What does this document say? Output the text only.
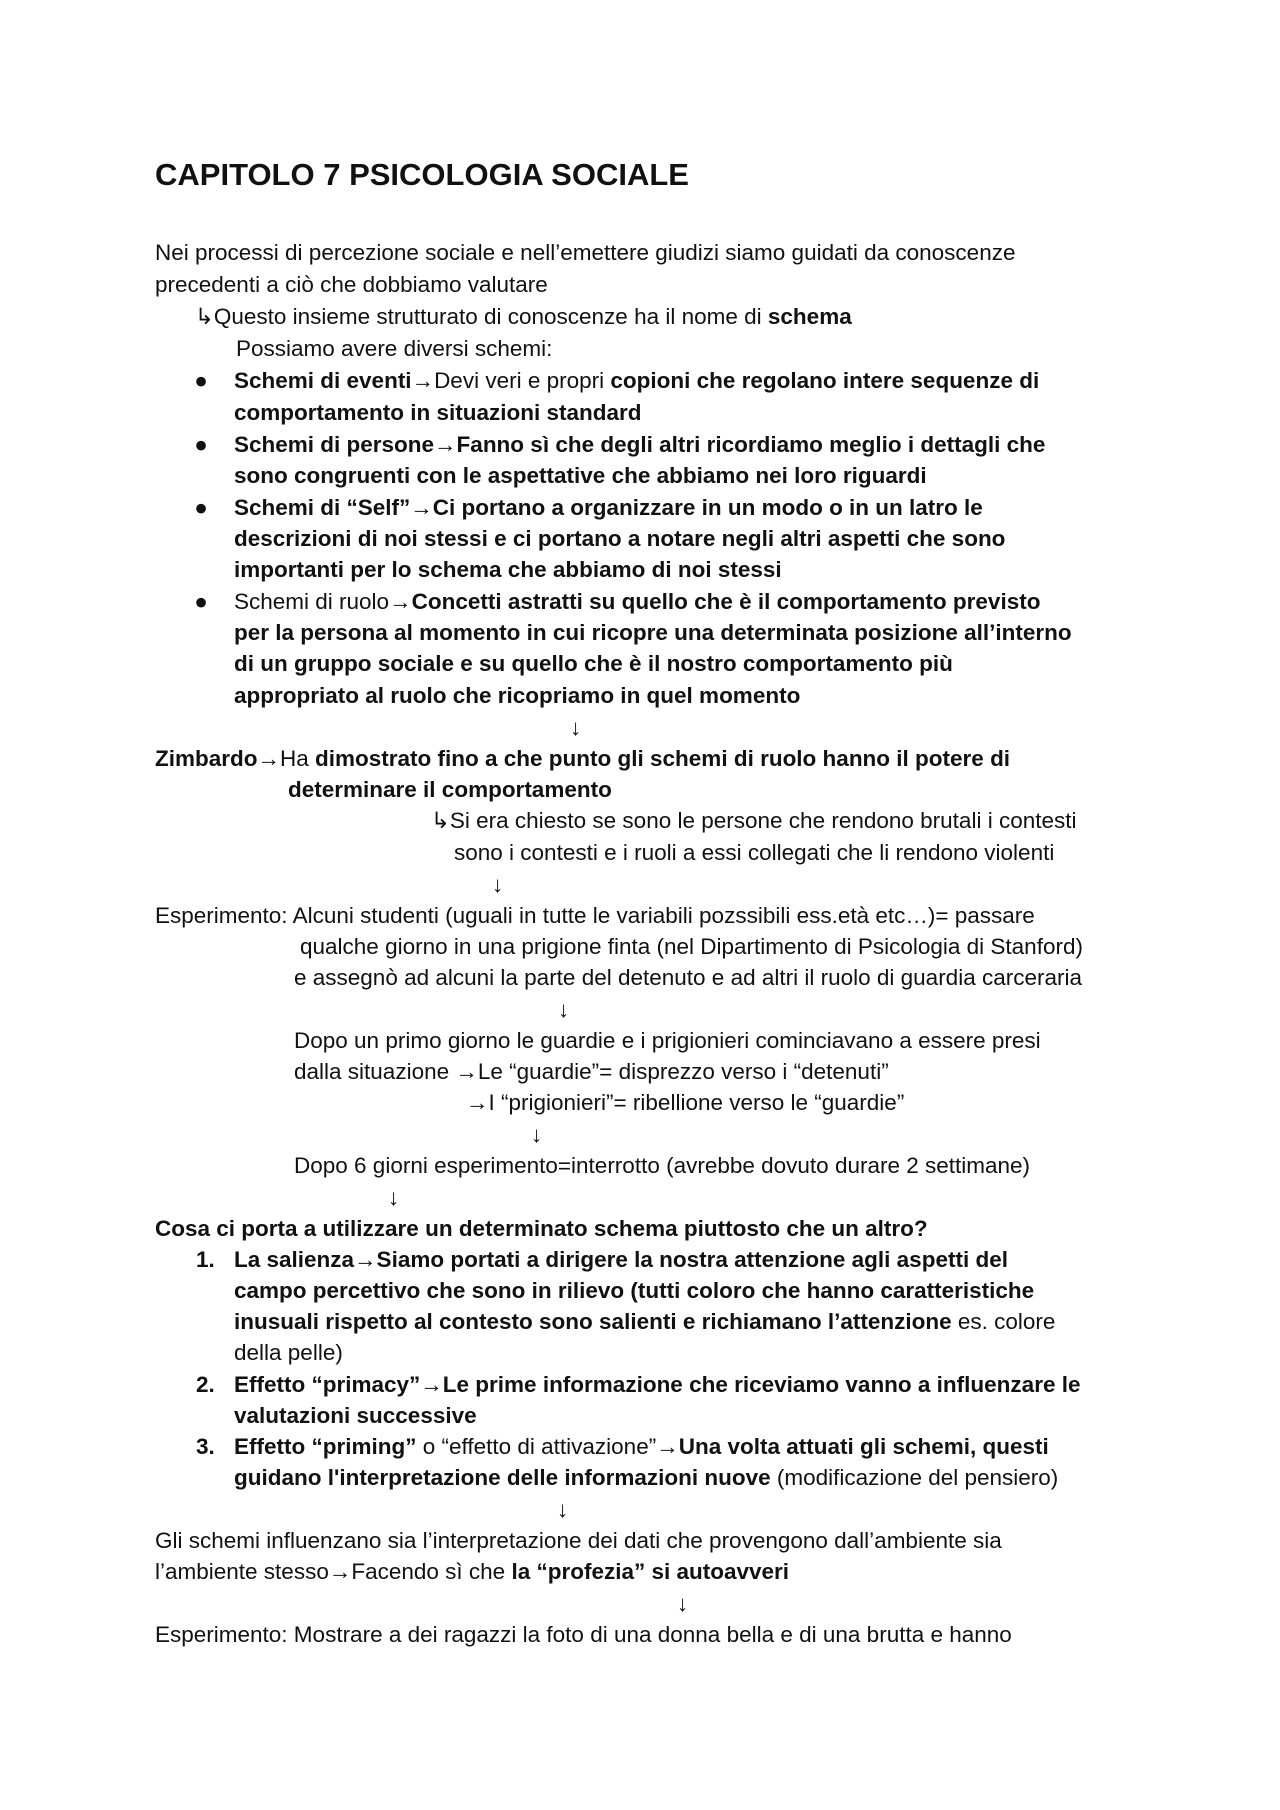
CAPITOLO 7 PSICOLOGIA SOCIALE
Nei processi di percezione sociale e nell’emettere giudizi siamo guidati da conoscenze
precedenti a ciò che dobbiamo valutare
↳Questo insieme strutturato di conoscenze ha il nome di schema
Possiamo avere diversi schemi:
● Schemi di eventi→Devi veri e propri copioni che regolano intere sequenze di
comportamento in situazioni standard
● Schemi di persone→Fanno sì che degli altri ricordiamo meglio i dettagli che
sono congruenti con le aspettative che abbiamo nei loro riguardi
● Schemi di “Self”→Ci portano a organizzare in un modo o in un latro le
descrizioni di noi stessi e ci portano a notare negli altri aspetti che sono
importanti per lo schema che abbiamo di noi stessi
● Schemi di ruolo→Concetti astratti su quello che è il comportamento previsto
per la persona al momento in cui ricopre una determinata posizione all’interno
di un gruppo sociale e su quello che è il nostro comportamento più
appropriato al ruolo che ricopriamo in quel momento
↓
Zimbardo→Ha dimostrato fino a che punto gli schemi di ruolo hanno il potere di
determinare il comportamento
↳Si era chiesto se sono le persone che rendono brutali i contesti
sono i contesti e i ruoli a essi collegati che li rendono violenti
↓
Esperimento: Alcuni studenti (uguali in tutte le variabili pozssibili ess.età etc…)= passare
qualche giorno in una prigione finta (nel Dipartimento di Psicologia di Stanford)
e assegnò ad alcuni la parte del detenuto e ad altri il ruolo di guardia carceraria
↓
Dopo un primo giorno le guardie e i prigionieri cominciavano a essere presi
dalla situazione →Le “guardie”= disprezzo verso i “detenuti”
→I “prigionieri”= ribellione verso le “guardie”
↓
Dopo 6 giorni esperimento=interrotto (avrebbe dovuto durare 2 settimane)
↓
Cosa ci porta a utilizzare un determinato schema piuttosto che un altro?
1. La salienza→Siamo portati a dirigere la nostra attenzione agli aspetti del
campo percettivo che sono in rilievo (tutti coloro che hanno caratteristiche
inusuali rispetto al contesto sono salienti e richiamano l’attenzione es. colore
della pelle)
2. Effetto “primacy”→Le prime informazione che riceviamo vanno a influenzare le
valutazioni successive
3. Effetto “priming” o “effetto di attivazione”→Una volta attuati gli schemi, questi
guidano l'interpretazione delle informazioni nuove (modificazione del pensiero)
↓
Gli schemi influenzano sia l’interpretazione dei dati che provengono dall’ambiente sia
l’ambiente stesso→Facendo sì che la “profezia” si autoavveri
↓
Esperimento: Mostrare a dei ragazzi la foto di una donna bella e di una brutta e hanno
